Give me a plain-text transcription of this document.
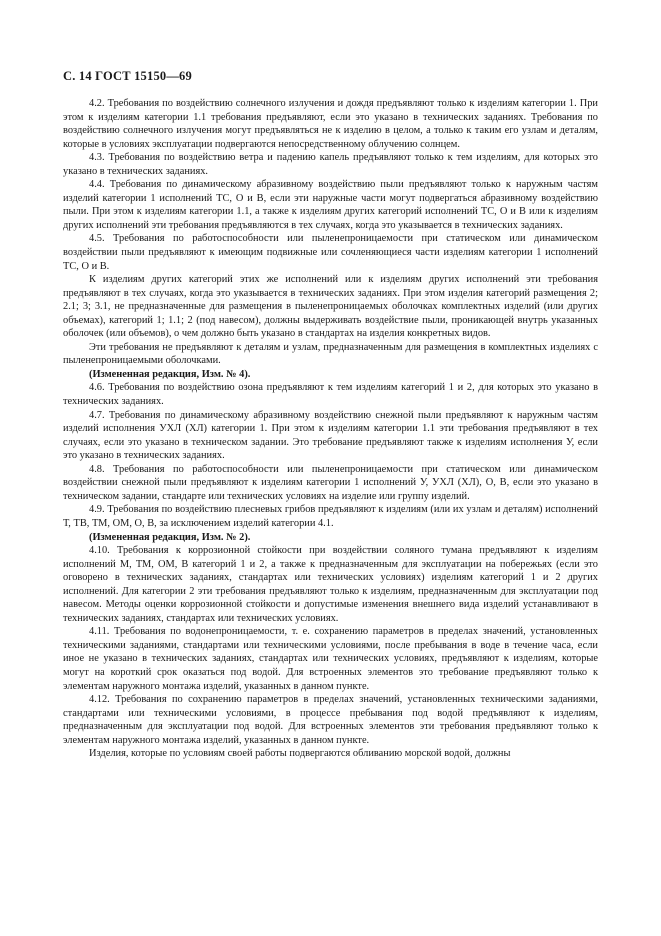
С. 14 ГОСТ 15150—69

4.2. Требования по воздействию солнечного излучения и дождя предъявляют только к изделиям категории 1. При этом к изделиям категории 1.1 требования предъявляют, если это указано в технических заданиях. Требования по воздействию солнечного излучения могут предъявляться не к изделию в целом, а только к таким его узлам и деталям, которые в условиях эксплуатации подвергаются непосредственному облучению солнцем.

4.3. Требования по воздействию ветра и падению капель предъявляют только к тем изделиям, для которых это указано в технических заданиях.

4.4. Требования по динамическому абразивному воздействию пыли предъявляют только к наружным частям изделий категории 1 исполнений ТС, О и В, если эти наружные части могут подвергаться абразивному воздействию пыли. При этом к изделиям категории 1.1, а также к изделиям других категорий исполнений ТС, О и В или к изделиям других исполнений эти требования предъявляются в тех случаях, когда это указывается в технических заданиях.

4.5. Требования по работоспособности или пыленепроницаемости при статическом или динамическом воздействии пыли предъявляют к имеющим подвижные или сочленяющиеся части изделиям категории 1 исполнений ТС, О и В.

К изделиям других категорий этих же исполнений или к изделиям других исполнений эти требования предъявляют в тех случаях, когда это указывается в технических заданиях. При этом изделия категорий размещения 2; 2.1; 3; 3.1, не предназначенные для размещения в пыленепроницаемых оболочках комплектных изделий (или других объемах), категорий 1; 1.1; 2 (под навесом), должны выдерживать воздействие пыли, проникающей внутрь указанных оболочек (или объемов), о чем должно быть указано в стандартах на изделия конкретных видов.

Эти требования не предъявляют к деталям и узлам, предназначенным для размещения в комплектных изделиях с пыленепроницаемыми оболочками.

(Измененная редакция, Изм. № 4).

4.6. Требования по воздействию озона предъявляют к тем изделиям категорий 1 и 2, для которых это указано в технических заданиях.

4.7. Требования по динамическому абразивному воздействию снежной пыли предъявляют к наружным частям изделий исполнения УХЛ (ХЛ) категории 1. При этом к изделиям категории 1.1 эти требования предъявляют в тех случаях, если это указано в техническом задании. Это требование предъявляют также к изделиям исполнения У, если это указано в технических заданиях.

4.8. Требования по работоспособности или пыленепроницаемости при статическом или динамическом воздействии снежной пыли предъявляют к изделиям категории 1 исполнений У, УХЛ (ХЛ), О, В, если это указано в техническом задании, стандарте или технических условиях на изделие или группу изделий.

4.9. Требования по воздействию плесневых грибов предъявляют к изделиям (или их узлам и деталям) исполнений Т, ТВ, ТМ, ОМ, О, В, за исключением изделий категории 4.1.

(Измененная редакция, Изм. № 2).

4.10. Требования к коррозионной стойкости при воздействии соляного тумана предъявляют к изделиям исполнений М, ТМ, ОМ, В категорий 1 и 2, а также к предназначенным для эксплуатации на побережьях (если это оговорено в технических заданиях, стандартах или технических условиях) изделиям категорий 1 и 2 других исполнений. Для категории 2 эти требования предъявляют только к изделиям, предназначенным для эксплуатации под навесом. Методы оценки коррозионной стойкости и допустимые изменения внешнего вида изделий устанавливают в технических заданиях, стандартах или технических условиях.

4.11. Требования по водонепроницаемости, т. е. сохранению параметров в пределах значений, установленных техническими заданиями, стандартами или техническими условиями, после пребывания в воде в течение часа, если иное не указано в технических заданиях, стандартах или технических условиях, предъявляют к изделиям, которые могут на короткий срок оказаться под водой. Для встроенных элементов это требование предъявляют только к элементам наружного монтажа изделий, указанных в данном пункте.

4.12. Требования по сохранению параметров в пределах значений, установленных техническими заданиями, стандартами или техническими условиями, в процессе пребывания под водой предъявляют к изделиям, предназначенным для эксплуатации под водой. Для встроенных элементов эти требования предъявляют только к элементам наружного монтажа изделий, указанных в данном пункте.

Изделия, которые по условиям своей работы подвергаются обливанию морской водой, должны
